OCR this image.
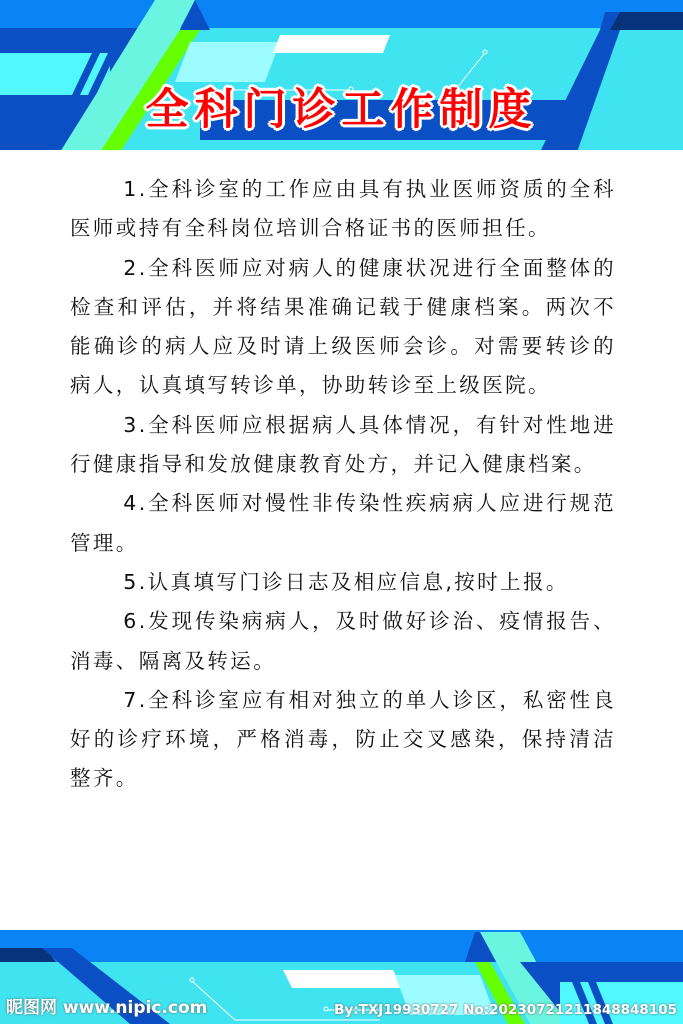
全科门诊工作制度

1.全科诊室的工作应由具有执业医师资质的全科医师或持有全科岗位培训合格证书的医师担任。

2.全科医师应对病人的健康状况进行全面整体的检查和评估，并将结果准确记载于健康档案。两次不能确诊的病人应及时请上级医师会诊。对需要转诊的病人，认真填写转诊单，协助转诊至上级医院。

3.全科医师应根据病人具体情况，有针对性地进行健康指导和发放健康教育处方，并记入健康档案。

4.全科医师对慢性非传染性疾病病人应进行规范管理。

5.认真填写门诊日志及相应信息,按时上报。

6.发现传染病病人，及时做好诊治、疫情报告、消毒、隔离及转运。

7.全科诊室应有相对独立的单人诊区，私密性良好的诊疗环境，严格消毒，防止交叉感染，保持清洁整齐。

昵图网 www.nipic.com	By:TXJ19930727 No:20230721211848848105
